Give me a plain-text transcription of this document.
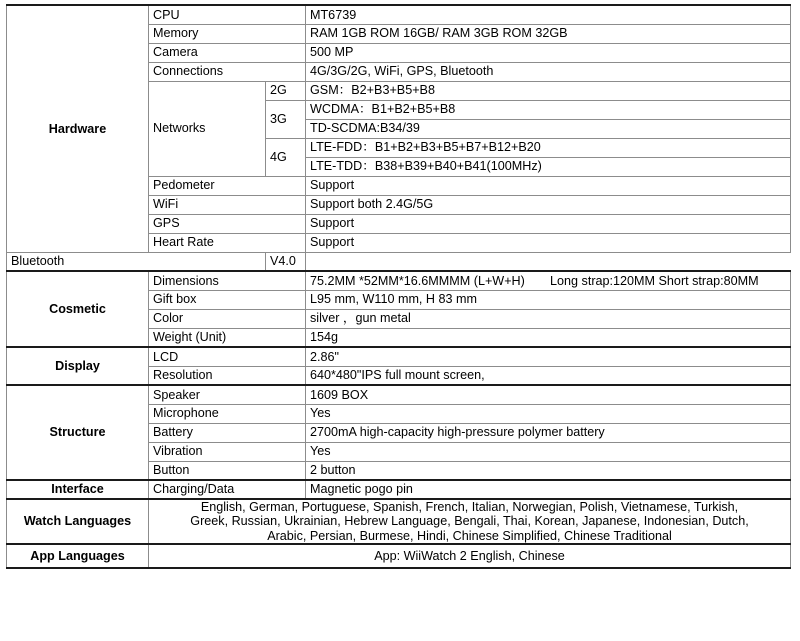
Hardware	CPU		MT6739
	Memory		RAM 1GB ROM 16GB/ RAM 3GB ROM 32GB
	Camera		500 MP
	Connections		4G/3G/2G, WiFi, GPS, Bluetooth
	Networks	2G	GSM：B2+B3+B5+B8
		3G	WCDMA：B1+B2+B5+B8
			TD-SCDMA:B34/39
		4G	LTE-FDD：B1+B2+B3+B5+B7+B12+B20
			LTE-TDD：B38+B39+B40+B41(100MHz)
	Pedometer		Support
	WiFi		Support both 2.4G/5G
	GPS		Support
	Heart Rate		Support
Bluetooth		V4.0	
Cosmetic	Dimensions		75.2MM *52MM*16.6MMMM (L+W+H)　　Long strap:120MM Short strap:80MM
	Gift box		L95 mm, W110 mm, H 83 mm
	Color		silver ，gun metal
	Weight (Unit)		154g
Display	LCD		2.86"
	Resolution		640*480"IPS full mount screen,
Structure	Speaker		1609 BOX
	Microphone		Yes
	Battery		2700mA high-capacity high-pressure polymer battery
	Vibration		Yes
	Button		2 button
Interface	Charging/Data		Magnetic pogo pin
Watch Languages	English, German, Portuguese, Spanish, French, Italian, Norwegian, Polish, Vietnamese, Turkish,
Greek, Russian, Ukrainian, Hebrew Language, Bengali, Thai, Korean, Japanese, Indonesian, Dutch,
Arabic, Persian, Burmese, Hindi, Chinese Simplified, Chinese Traditional		

App Languages	App: WiiWatch 2 English, Chinese		
